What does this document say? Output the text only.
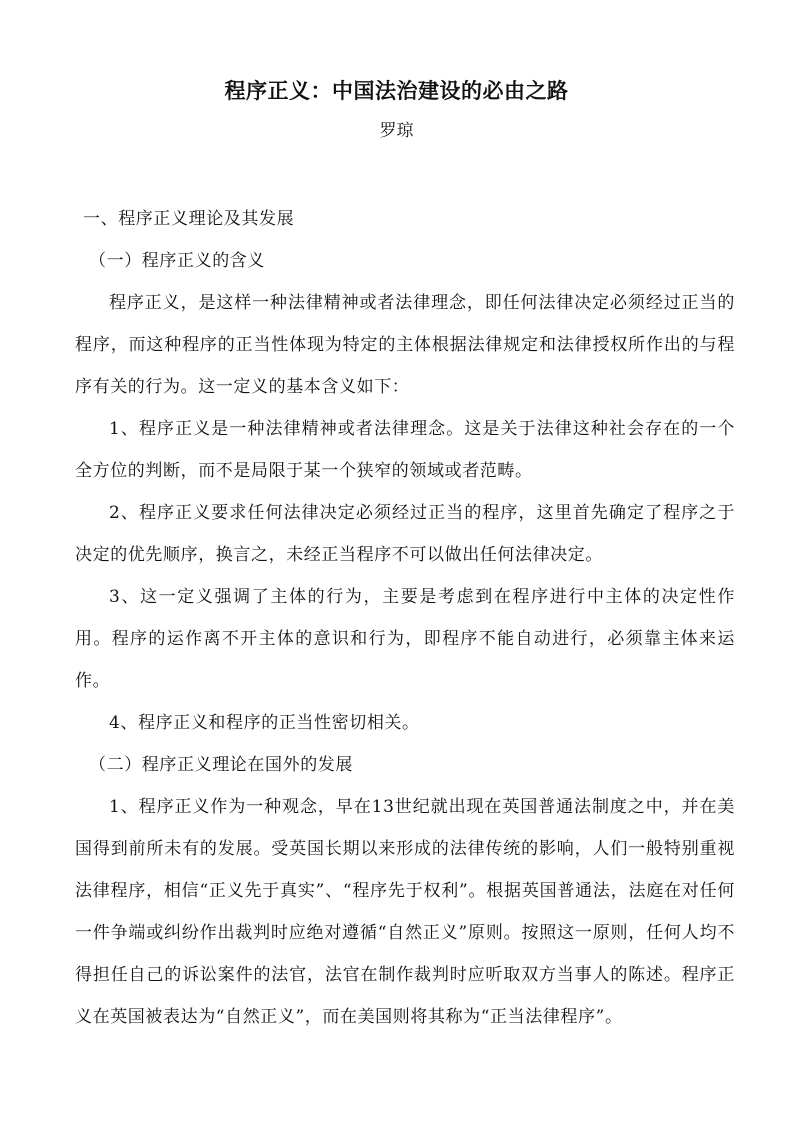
程序正义：中国法治建设的必由之路
罗琼

一、程序正义理论及其发展

（一）程序正义的含义

程序正义，是这样一种法律精神或者法律理念，即任何法律决定必须经过正当的程序，而这种程序的正当性体现为特定的主体根据法律规定和法律授权所作出的与程序有关的行为。这一定义的基本含义如下：

1、程序正义是一种法律精神或者法律理念。这是关于法律这种社会存在的一个全方位的判断，而不是局限于某一个狭窄的领域或者范畴。

2、程序正义要求任何法律决定必须经过正当的程序，这里首先确定了程序之于决定的优先顺序，换言之，未经正当程序不可以做出任何法律决定。

3、这一定义强调了主体的行为，主要是考虑到在程序进行中主体的决定性作用。程序的运作离不开主体的意识和行为，即程序不能自动进行，必须靠主体来运作。

4、程序正义和程序的正当性密切相关。

（二）程序正义理论在国外的发展

1、程序正义作为一种观念，早在13世纪就出现在英国普通法制度之中，并在美国得到前所未有的发展。受英国长期以来形成的法律传统的影响，人们一般特别重视法律程序，相信“正义先于真实”、“程序先于权利”。根据英国普通法，法庭在对任何一件争端或纠纷作出裁判时应绝对遵循“自然正义”原则。按照这一原则，任何人均不得担任自己的诉讼案件的法官，法官在制作裁判时应听取双方当事人的陈述。程序正义在英国被表达为“自然正义”，而在美国则将其称为“正当法律程序”。
